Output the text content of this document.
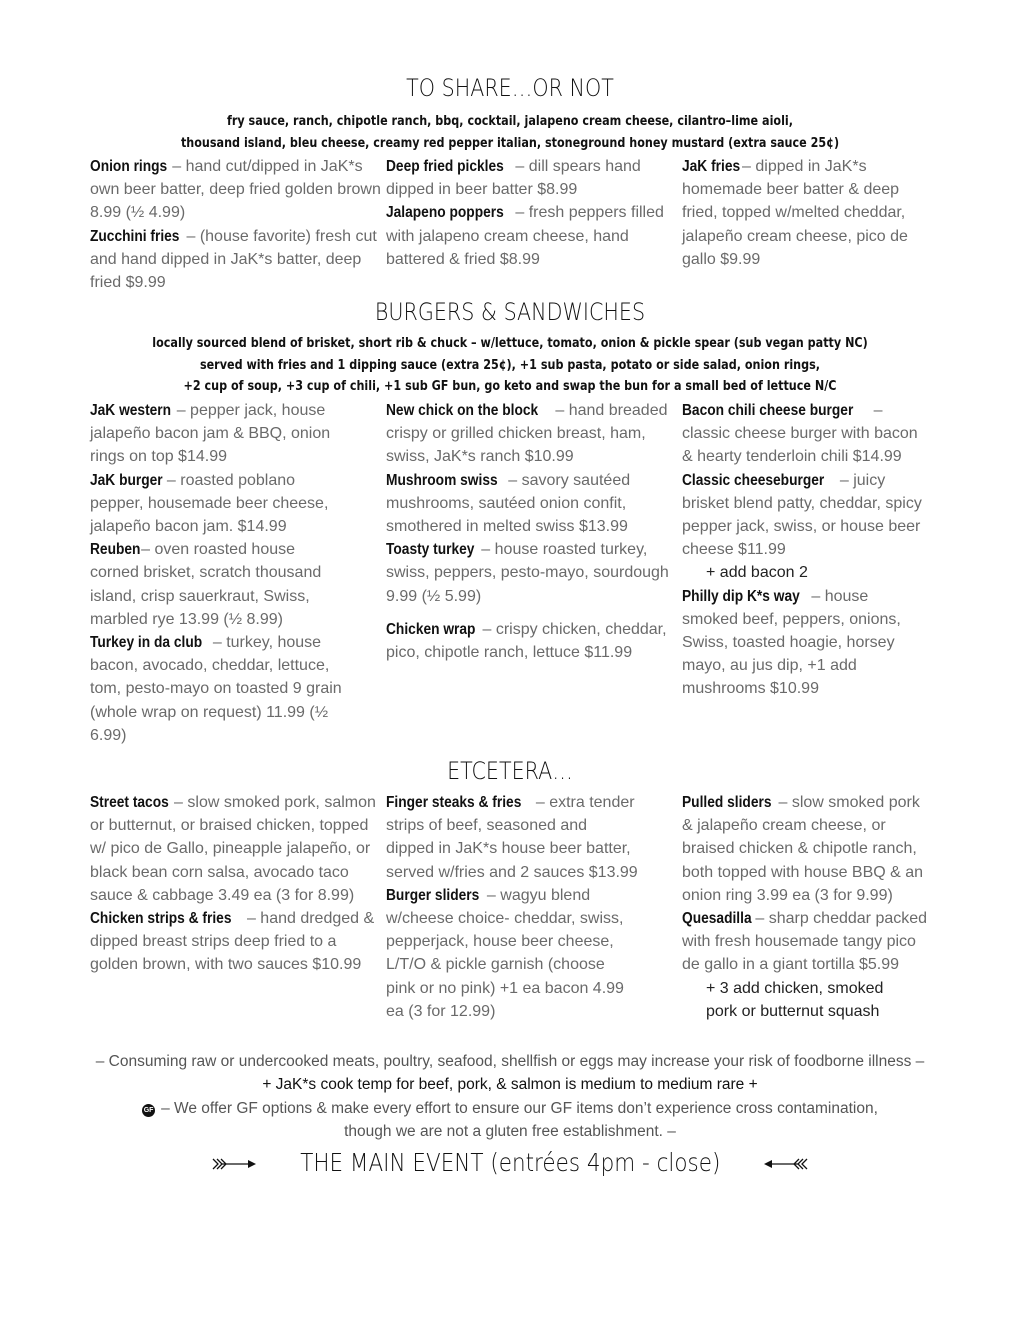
TO SHARE…OR NOT
fry sauce, ranch, chipotle ranch, bbq, cocktail, jalapeno cream cheese, cilantro–lime aioli,
thousand island, bleu cheese, creamy red pepper italian, stoneground honey mustard (extra sauce 25¢)

Onion rings – hand cut/dipped in JaK*s own beer batter, deep fried golden brown 8.99 (½ 4.99)

Zucchini fries – (house favorite) fresh cut and hand dipped in JaK*s batter, deep fried $9.99

Deep fried pickles – dill spears hand dipped in beer batter $8.99

Jalapeno poppers – fresh peppers filled with jalapeno cream cheese, hand battered & fried $8.99

JaK fries – dipped in JaK*s homemade beer batter & deep fried, topped w/melted cheddar, jalapeño cream cheese, pico de gallo $9.99

BURGERS & SANDWICHES
locally sourced blend of brisket, short rib & chuck – w/lettuce, tomato, onion & pickle spear (sub vegan patty NC)
served with fries and 1 dipping sauce (extra 25¢), +1 sub pasta, potato or side salad, onion rings,
+2 cup of soup, +3 cup of chili, +1 sub GF bun, go keto and swap the bun for a small bed of lettuce N/C

JaK western – pepper jack, house jalapeño bacon jam & BBQ, onion rings on top $14.99

JaK burger – roasted poblano pepper, housemade beer cheese, jalapeño bacon jam. $14.99

Reuben – oven roasted house corned brisket, scratch thousand island, crisp sauerkraut, Swiss, marbled rye 13.99 (½ 8.99)

Turkey in da club – turkey, house bacon, avocado, cheddar, lettuce, tom, pesto-mayo on toasted 9 grain (whole wrap on request) 11.99 (½ 6.99)

New chick on the block – hand breaded crispy or grilled chicken breast, ham, swiss, JaK*s ranch $10.99

Mushroom swiss – savory sautéed mushrooms, sautéed onion confit, smothered in melted swiss $13.99

Toasty turkey – house roasted turkey, swiss, peppers, pesto-mayo, sourdough 9.99 (½ 5.99)

Chicken wrap – crispy chicken, cheddar, pico, chipotle ranch, lettuce $11.99

Bacon chili cheese burger – classic cheese burger with bacon & hearty tenderloin chili $14.99

Classic cheeseburger – juicy brisket blend patty, cheddar, spicy pepper jack, swiss, or house beer cheese $11.99
+ add bacon 2

Philly dip K*s way – house smoked beef, peppers, onions, Swiss, toasted hoagie, horsey mayo, au jus dip, +1 add mushrooms $10.99

ETCETERA…

Street tacos – slow smoked pork, salmon or butternut, or braised chicken, topped w/ pico de Gallo, pineapple jalapeño, or black bean corn salsa, avocado taco sauce & cabbage 3.49 ea (3 for 8.99)

Chicken strips & fries – hand dredged & dipped breast strips deep fried to a golden brown, with two sauces $10.99

Finger steaks & fries – extra tender strips of beef, seasoned and dipped in JaK*s house beer batter, served w/fries and 2 sauces $13.99

Burger sliders – wagyu blend w/cheese choice- cheddar, swiss, pepperjack, house beer cheese, L/T/O & pickle garnish (choose pink or no pink) +1 ea bacon 4.99 ea (3 for 12.99)

Pulled sliders – slow smoked pork & jalapeño cream cheese, or braised chicken & chipotle ranch, both topped with house BBQ & an onion ring 3.99 ea (3 for 9.99)

Quesadilla – sharp cheddar packed with fresh housemade tangy pico de gallo in a giant tortilla $5.99
+ 3 add chicken, smoked pork or butternut squash

– Consuming raw or undercooked meats, poultry, seafood, shellfish or eggs may increase your risk of foodborne illness –
+ JaK*s cook temp for beef, pork, & salmon is medium to medium rare +
GF – We offer GF options & make every effort to ensure our GF items don’t experience cross contamination,
though we are not a gluten free establishment. –
THE MAIN EVENT (entrées 4pm - close)
